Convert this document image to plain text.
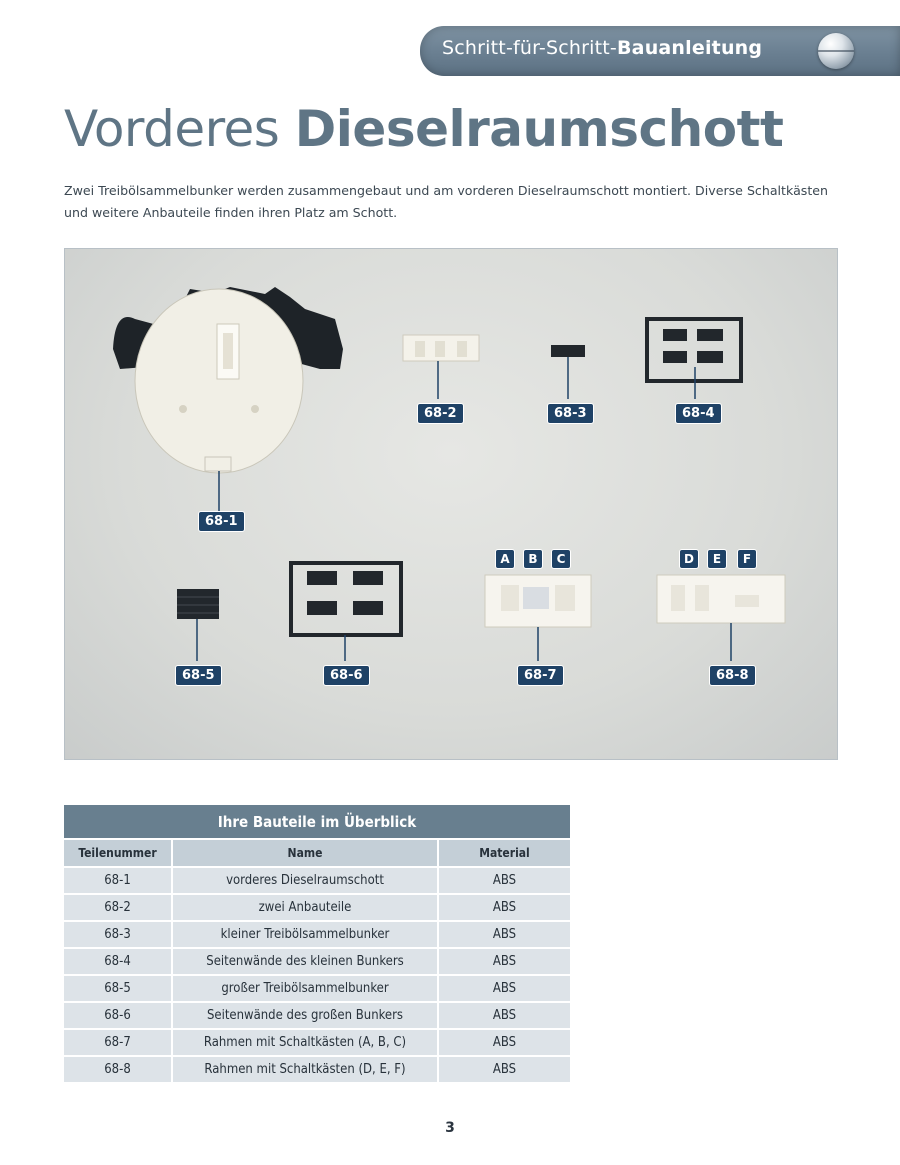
Schritt-für-Schritt-Bauanleitung
Vorderes Dieselraumschott

Zwei Treibölsammelbunker werden zusammengebaut und am vorderen Dieselraumschott montiert. Diverse Schaltkästen und weitere Anbauteile finden ihren Platz am Schott.

68-1
68-2	68-3	68-4
68-5	68-6	68-7	68-8
A	B	C	D	E	F
Ihre Bauteile im Überblick		
Teilenummer	Name	Material
68-1	vorderes Dieselraumschott	ABS
68-2	zwei Anbauteile	ABS
68-3	kleiner Treibölsammelbunker	ABS
68-4	Seitenwände des kleinen Bunkers	ABS
68-5	großer Treibölsammelbunker	ABS
68-6	Seitenwände des großen Bunkers	ABS
68-7	Rahmen mit Schaltkästen (A, B, C)	ABS
68-8	Rahmen mit Schaltkästen (D, E, F)	ABS
3
